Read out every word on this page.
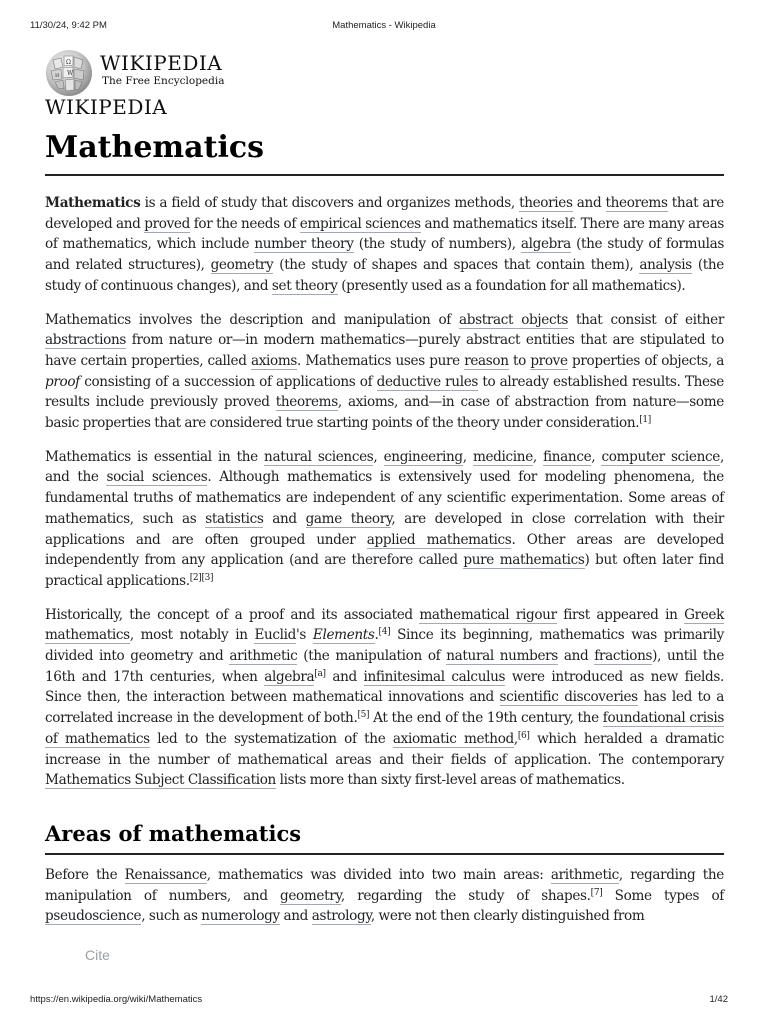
11/30/24, 9:42 PM	Mathematics - Wikipedia
Ω
W
И
WIKIPEDIA
The Free Encyclopedia
WIKIPEDIA
Mathematics

Mathematics is a field of study that discovers and organizes methods, theories and theorems that are developed and proved for the needs of empirical sciences and mathematics itself. There are many areas of mathematics, which include number theory (the study of numbers), algebra (the study of formulas and related structures), geometry (the study of shapes and spaces that contain them), analysis (the study of continuous changes), and set theory (presently used as a foundation for all mathematics).

Mathematics involves the description and manipulation of abstract objects that consist of either abstractions from nature or—in modern mathematics—purely abstract entities that are stipulated to have certain properties, called axioms. Mathematics uses pure reason to prove properties of objects, a proof consisting of a succession of applications of deductive rules to already established results. These results include previously proved theorems, axioms, and—in case of abstraction from nature—some basic properties that are considered true starting points of the theory under consideration.[1]

Mathematics is essential in the natural sciences, engineering, medicine, finance, computer science, and the social sciences. Although mathematics is extensively used for modeling phenomena, the fundamental truths of mathematics are independent of any scientific experimentation. Some areas of mathematics, such as statistics and game theory, are developed in close correlation with their applications and are often grouped under applied mathematics. Other areas are developed independently from any application (and are therefore called pure mathematics) but often later find practical applications.[2][3]

Historically, the concept of a proof and its associated mathematical rigour first appeared in Greek mathematics, most notably in Euclid's Elements.[4] Since its beginning, mathematics was primarily divided into geometry and arithmetic (the manipulation of natural numbers and fractions), until the 16th and 17th centuries, when algebra[a] and infinitesimal calculus were introduced as new fields. Since then, the interaction between mathematical innovations and scientific discoveries has led to a correlated increase in the development of both.[5] At the end of the 19th century, the foundational crisis of mathematics led to the systematization of the axiomatic method,[6] which heralded a dramatic increase in the number of mathematical areas and their fields of application. The contemporary Mathematics Subject Classification lists more than sixty first-level areas of mathematics.

Areas of mathematics

Before the Renaissance, mathematics was divided into two main areas: arithmetic, regarding the manipulation of numbers, and geometry, regarding the study of shapes.[7] Some types of pseudoscience, such as numerology and astrology, were not then clearly distinguished from

Cite
https://en.wikipedia.org/wiki/Mathematics	1/42
